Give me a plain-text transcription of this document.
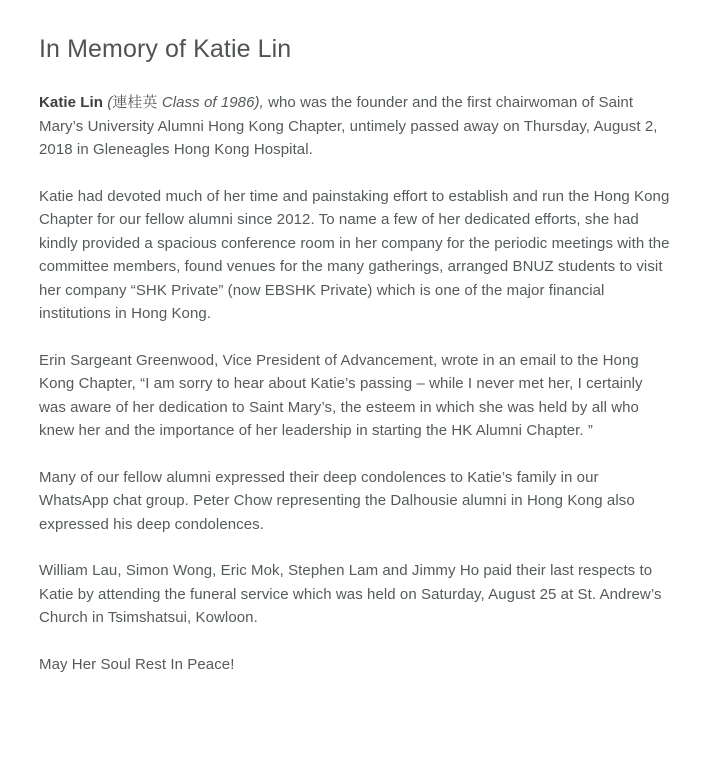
In Memory of Katie Lin

Katie Lin (連桂英 Class of 1986), who was the founder and the first chairwoman of Saint Mary’s University Alumni Hong Kong Chapter, untimely passed away on Thursday, August 2, 2018 in Gleneagles Hong Kong Hospital.

Katie had devoted much of her time and painstaking effort to establish and run the Hong Kong Chapter for our fellow alumni since 2012. To name a few of her dedicated efforts, she had kindly provided a spacious conference room in her company for the periodic meetings with the committee members, found venues for the many gatherings, arranged BNUZ students to visit her company “SHK Private” (now EBSHK Private) which is one of the major financial institutions in Hong Kong.

Erin Sargeant Greenwood, Vice President of Advancement, wrote in an email to the Hong Kong Chapter, “I am sorry to hear about Katie’s passing – while I never met her, I certainly was aware of her dedication to Saint Mary’s, the esteem in which she was held by all who knew her and the importance of her leadership in starting the HK Alumni Chapter. ”

Many of our fellow alumni expressed their deep condolences to Katie’s family in our WhatsApp chat group. Peter Chow representing the Dalhousie alumni in Hong Kong also expressed his deep condolences.

William Lau, Simon Wong, Eric Mok, Stephen Lam and Jimmy Ho paid their last respects to Katie by attending the funeral service which was held on Saturday, August 25 at St. Andrew’s Church in Tsimshatsui, Kowloon.

May Her Soul Rest In Peace!
